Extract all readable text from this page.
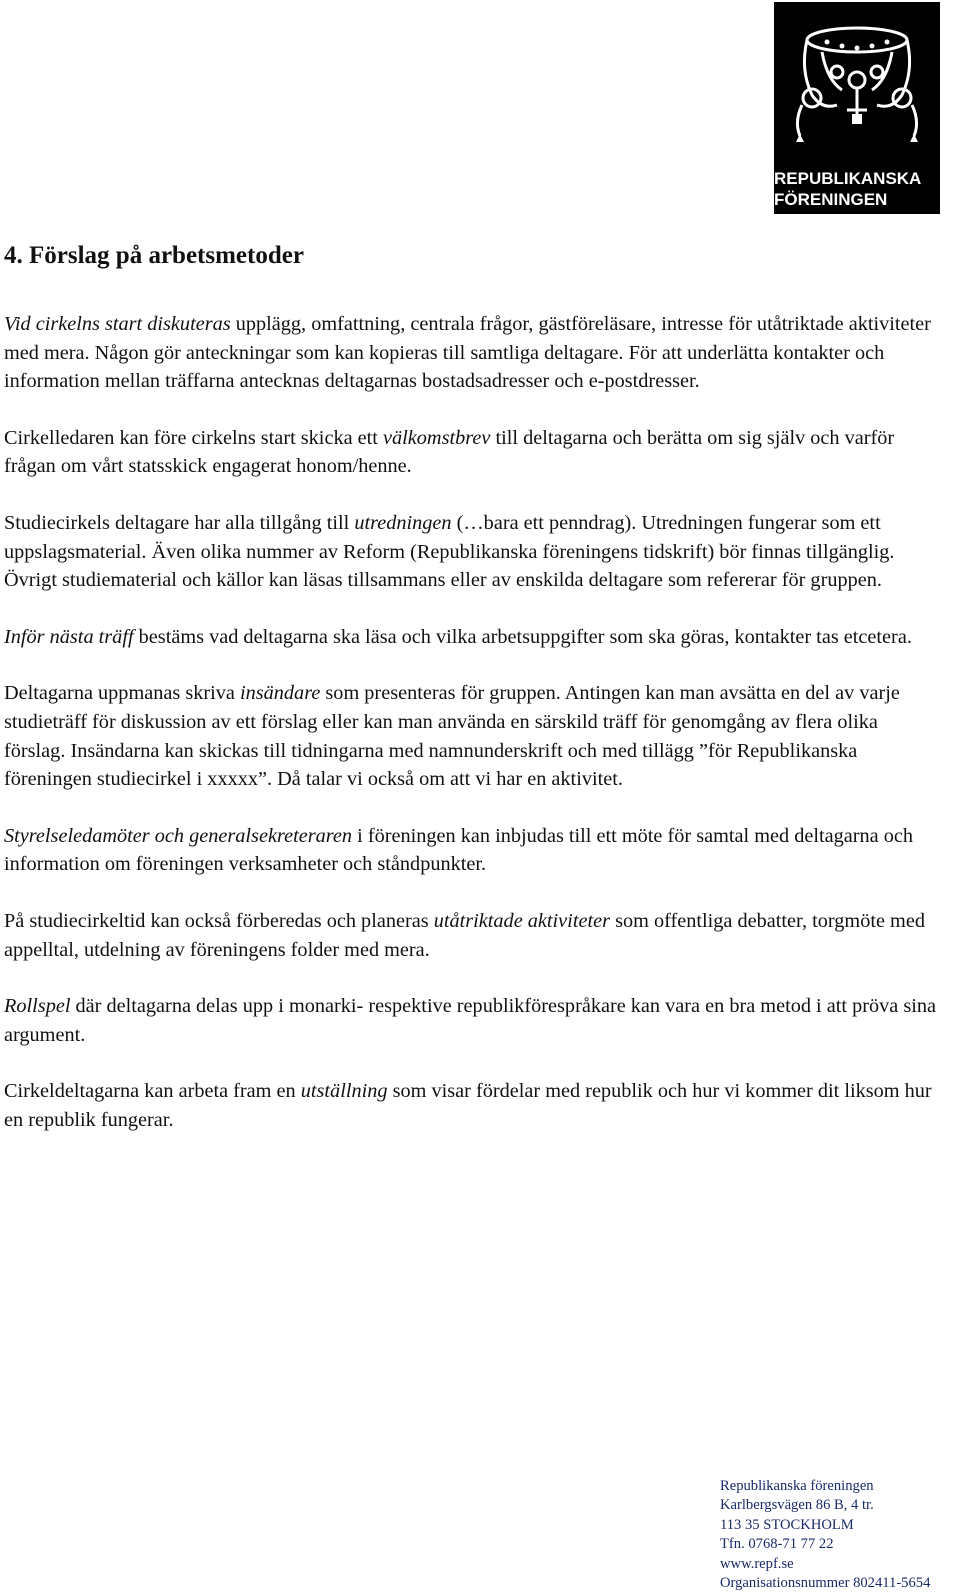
REPUBLIKANSKA
FÖRENINGEN
4. Förslag på arbetsmetoder

Vid cirkelns start diskuteras upplägg, omfattning, centrala frågor, gästföreläsare, intresse för utåtriktade aktiviteter med mera. Någon gör anteckningar som kan kopieras till samtliga deltagare. För att underlätta kontakter och information mellan träffarna antecknas deltagarnas bostadsadresser och e-postdresser.

Cirkelledaren kan före cirkelns start skicka ett välkomstbrev till deltagarna och berätta om sig själv och varför frågan om vårt statsskick engagerat honom/henne.

Studiecirkels deltagare har alla tillgång till utredningen (…bara ett penndrag). Utredningen fungerar som ett uppslagsmaterial. Även olika nummer av Reform (Republikanska föreningens tidskrift) bör finnas tillgänglig. Övrigt studiematerial och källor kan läsas tillsammans eller av enskilda deltagare som refererar för gruppen.

Inför nästa träff bestäms vad deltagarna ska läsa och vilka arbetsuppgifter som ska göras, kontakter tas etcetera.

Deltagarna uppmanas skriva insändare som presenteras för gruppen. Antingen kan man avsätta en del av varje studieträff för diskussion av ett förslag eller kan man använda en särskild träff för genomgång av flera olika förslag. Insändarna kan skickas till tidningarna med namnunderskrift och med tillägg ”för Republikanska föreningen studiecirkel i xxxxx”. Då talar vi också om att vi har en aktivitet.

Styrelseledamöter och generalsekreteraren i föreningen kan inbjudas till ett möte för samtal med deltagarna och information om föreningen verksamheter och ståndpunkter.

På studiecirkeltid kan också förberedas och planeras utåtriktade aktiviteter som offentliga debatter, torgmöte med appelltal, utdelning av föreningens folder med mera.

Rollspel där deltagarna delas upp i monarki- respektive republikförespråkare kan vara en bra metod i att pröva sina argument.

Cirkeldeltagarna kan arbeta fram en utställning som visar fördelar med republik och hur vi kommer dit liksom hur en republik fungerar.

Republikanska föreningen
Karlbergsvägen 86 B, 4 tr.
113 35 STOCKHOLM
Tfn. 0768-71 77 22
www.repf.se
Organisationsnummer 802411-5654
